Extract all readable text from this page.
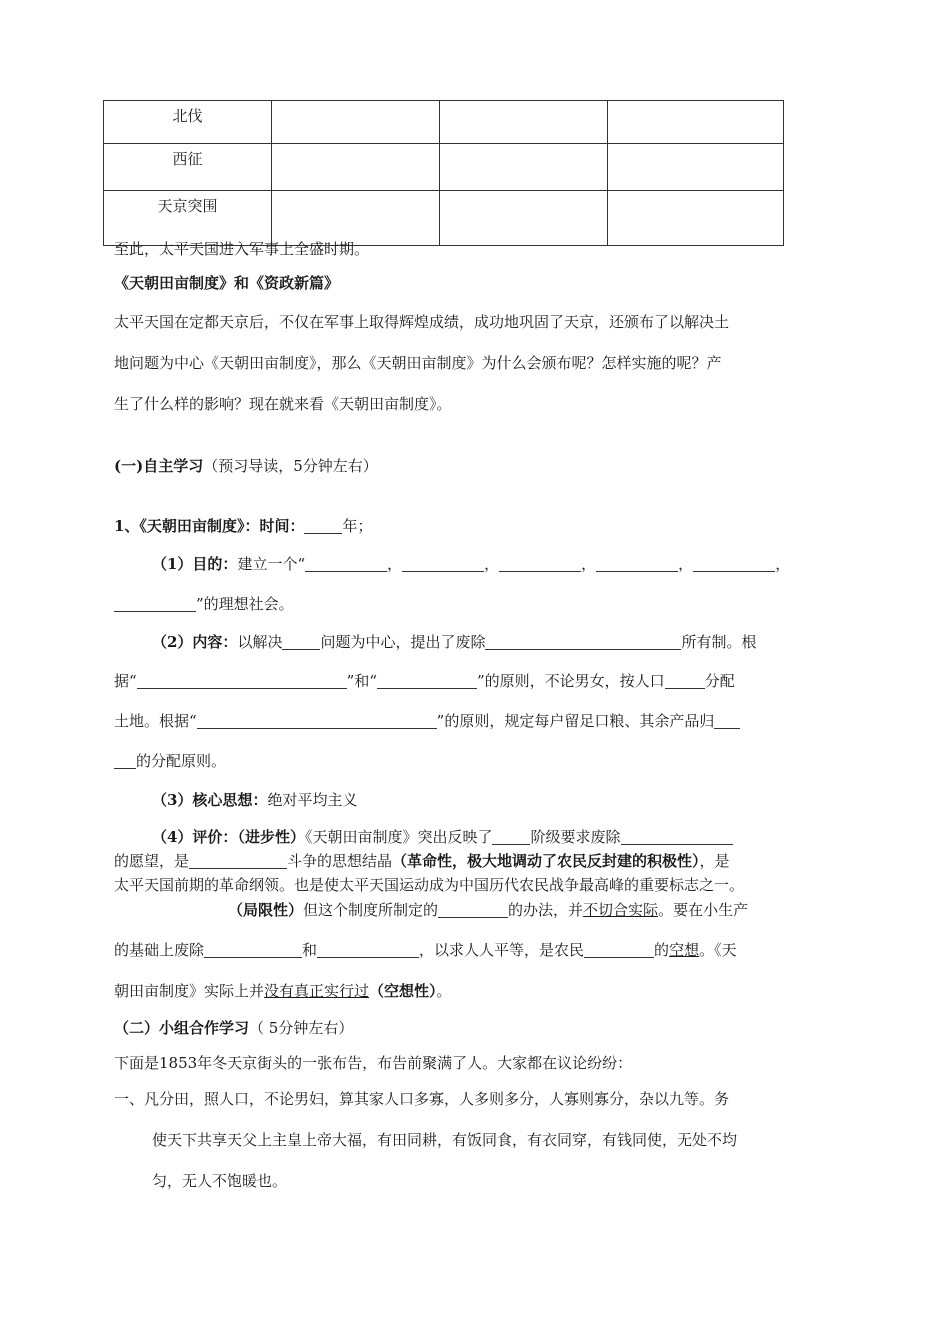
北伐			
西征			
天京突围			
至此，太平天国进入军事上全盛时期。
《天朝田亩制度》和《资政新篇》
太平天国在定都天京后，不仅在军事上取得辉煌成绩，成功地巩固了天京，还颁布了以解决土
地问题为中心《天朝田亩制度》，那么《天朝田亩制度》为什么会颁布呢？怎样实施的呢？产
生了什么样的影响？现在就来看《天朝田亩制度》。
(一)自主学习（预习导读，5分钟左右）
1、《天朝田亩制度》：时间：	年；
（1）目的：建立一个“	，	，	，	，	，
”的理想社会。
（2）内容：以解决	问题为中心，提出了废除	所有制。根
据“	”和“	”的原则，不论男女，按人口	分配
土地。根据“	”的原则，规定每户留足口粮、其余产品归
的分配原则。
（3）核心思想：绝对平均主义
（4）评价：（进步性）《天朝田亩制度》突出反映了	阶级要求废除
的愿望，是	斗争的思想结晶（革命性，极大地调动了农民反封建的积极性），是
太平天国前期的革命纲领。也是使太平天国运动成为中国历代农民战争最高峰的重要标志之一。
（局限性）但这个制度所制定的	的办法，并不切合实际。要在小生产
的基础上废除	和	，以求人人平等，是农民	的空想。《天
朝田亩制度》实际上并没有真正实行过（空想性）。
（二）小组合作学习（ 5分钟左右）
下面是1853年冬天京街头的一张布告，布告前聚满了人。大家都在议论纷纷：
一、凡分田，照人口，不论男妇，算其家人口多寡，人多则多分，人寡则寡分，杂以九等。务
使天下共享天父上主皇上帝大福，有田同耕，有饭同食，有衣同穿，有钱同使，无处不均
匀，无人不饱暖也。
